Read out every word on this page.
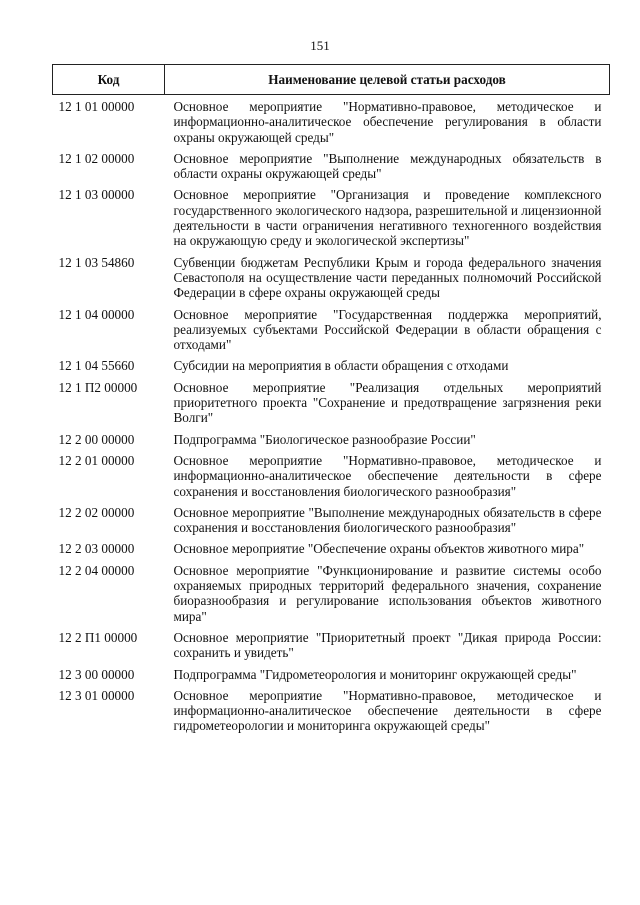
151
Код	Наименование целевой статьи расходов
12 1 01 00000	Основное мероприятие "Нормативно-правовое, методическое и информационно-аналитическое обеспечение регулирования в области охраны окружающей среды"
12 1 02 00000	Основное мероприятие "Выполнение международных обязательств в области охраны окружающей среды"
12 1 03 00000	Основное мероприятие "Организация и проведение комплексного государственного экологического надзора, разрешительной и лицензионной деятельности в части ограничения негативного техногенного воздействия на окружающую среду и экологической экспертизы"
12 1 03 54860	Субвенции бюджетам Республики Крым и города федерального значения Севастополя на осуществление части переданных полномочий Российской Федерации в сфере охраны окружающей среды
12 1 04 00000	Основное мероприятие "Государственная поддержка мероприятий, реализуемых субъектами Российской Федерации в области обращения с отходами"
12 1 04 55660	Субсидии на мероприятия в области обращения с отходами
12 1 П2 00000	Основное мероприятие "Реализация отдельных мероприятий приоритетного проекта "Сохранение и предотвращение загрязнения реки Волги"
12 2 00 00000	Подпрограмма "Биологическое разнообразие России"
12 2 01 00000	Основное мероприятие "Нормативно-правовое, методическое и информационно-аналитическое обеспечение деятельности в сфере сохранения и восстановления биологического разнообразия"
12 2 02 00000	Основное мероприятие "Выполнение международных обязательств в сфере сохранения и восстановления биологического разнообразия"
12 2 03 00000	Основное мероприятие "Обеспечение охраны объектов животного мира"
12 2 04 00000	Основное мероприятие "Функционирование и развитие системы особо охраняемых природных территорий федерального значения, сохранение биоразнообразия и регулирование использования объектов животного мира"
12 2 П1 00000	Основное мероприятие "Приоритетный проект "Дикая природа России: сохранить и увидеть"
12 3 00 00000	Подпрограмма "Гидрометеорология и мониторинг окружающей среды"
12 3 01 00000	Основное мероприятие "Нормативно-правовое, методическое и информационно-аналитическое обеспечение деятельности в сфере гидрометеорологии и мониторинга окружающей среды"
